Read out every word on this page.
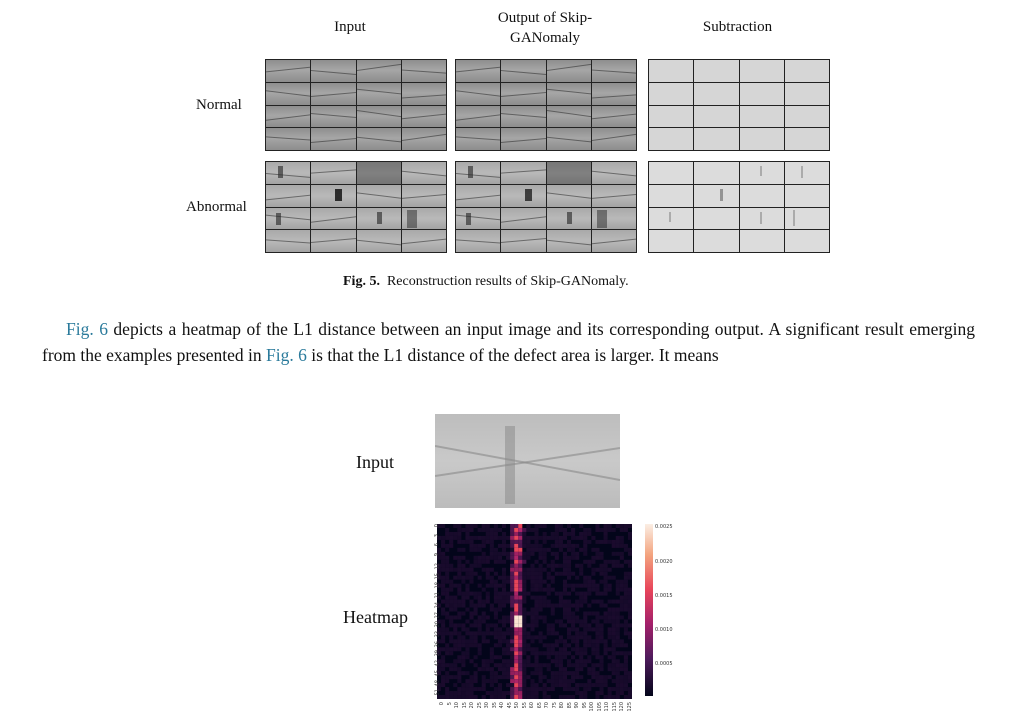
Input
Output of Skip-
GANomaly
Subtraction
Normal
Abnormal
Fig. 5. Reconstruction results of Skip-GANomaly.
Fig. 6 depicts a heatmap of the L1 distance between an input image and its corresponding output. A significant result emerging from the examples presented in Fig. 6 is that the L1 distance of the defect area is larger. It means
Input
Heatmap
0
3
6
9
12
15
18
21
24
27
30
33
36
39
42
45
48
51
0 5 10 15 20 25 30 35 40 45 50 55 60 65 70 75 80 85 90 95 100 105 110 115 120 125
0.0025
0.0020
0.0015
0.0010
0.0005
